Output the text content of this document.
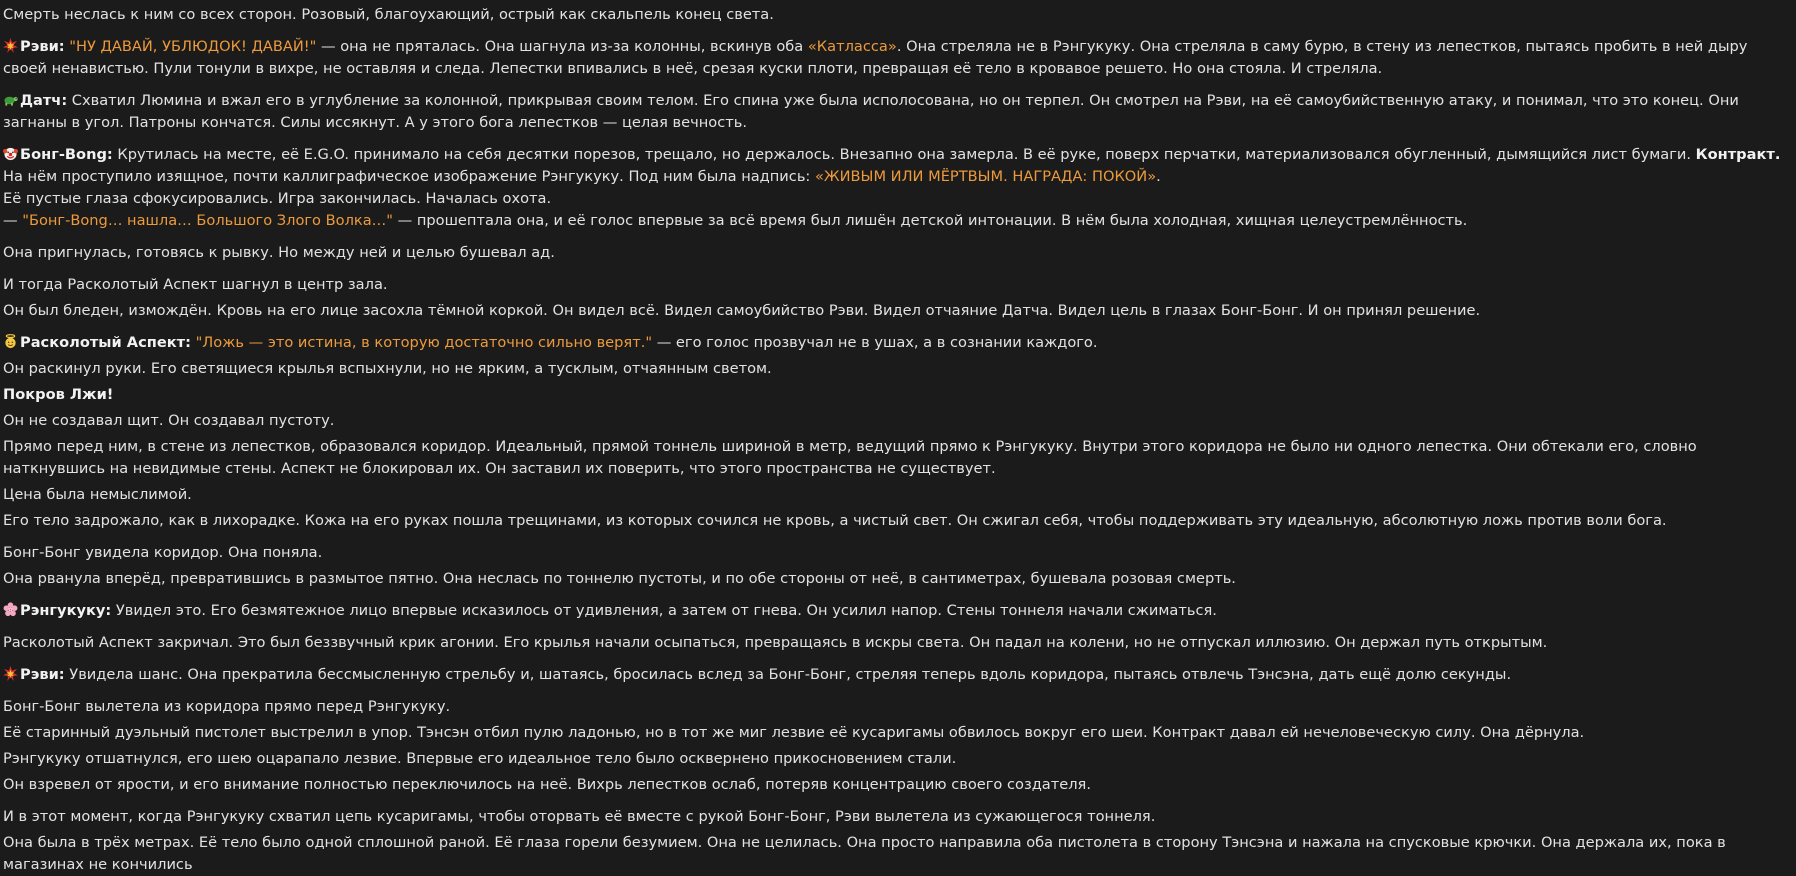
Смерть неслась к ним со всех сторон. Розовый, благоухающий, острый как скальпель конец света.

Рэви: "НУ ДАВАЙ, УБЛЮДОК! ДАВАЙ!" — она не пряталась. Она шагнула из-за колонны, вскинув оба «Катласса». Она стреляла не в Рэнгукуку. Она стреляла в саму бурю, в стену из лепестков, пытаясь пробить в ней дыру своей ненавистью. Пули тонули в вихре, не оставляя и следа. Лепестки впивались в неё, срезая куски плоти, превращая её тело в кровавое решето. Но она стояла. И стреляла.

Датч: Схватил Люмина и вжал его в углубление за колонной, прикрывая своим телом. Его спина уже была исполосована, но он терпел. Он смотрел на Рэви, на её самоубийственную атаку, и понимал, что это конец. Они загнаны в угол. Патроны кончатся. Силы иссякнут. А у этого бога лепестков — целая вечность.

Бонг-Bong: Крутилась на месте, её E.G.O. принимало на себя десятки порезов, трещало, но держалось. Внезапно она замерла. В её руке, поверх перчатки, материализовался обугленный, дымящийся лист бумаги. Контракт. На нём проступило изящное, почти каллиграфическое изображение Рэнгукуку. Под ним была надпись: «ЖИВЫМ ИЛИ МЁРТВЫМ. НАГРАДА: ПОКОЙ».

Её пустые глаза сфокусировались. Игра закончилась. Началась охота.

— "Бонг-Bong… нашла… Большого Злого Волка…" — прошептала она, и её голос впервые за всё время был лишён детской интонации. В нём была холодная, хищная целеустремлённость.

Она пригнулась, готовясь к рывку. Но между ней и целью бушевал ад.

И тогда Расколотый Аспект шагнул в центр зала.

Он был бледен, измождён. Кровь на его лице засохла тёмной коркой. Он видел всё. Видел самоубийство Рэви. Видел отчаяние Датча. Видел цель в глазах Бонг-Бонг. И он принял решение.

Расколотый Аспект: "Ложь — это истина, в которую достаточно сильно верят." — его голос прозвучал не в ушах, а в сознании каждого.

Он раскинул руки. Его светящиеся крылья вспыхнули, но не ярким, а тусклым, отчаянным светом.

Покров Лжи!

Он не создавал щит. Он создавал пустоту.

Прямо перед ним, в стене из лепестков, образовался коридор. Идеальный, прямой тоннель шириной в метр, ведущий прямо к Рэнгукуку. Внутри этого коридора не было ни одного лепестка. Они обтекали его, словно наткнувшись на невидимые стены. Аспект не блокировал их. Он заставил их поверить, что этого пространства не существует.

Цена была немыслимой.

Его тело задрожало, как в лихорадке. Кожа на его руках пошла трещинами, из которых сочился не кровь, а чистый свет. Он сжигал себя, чтобы поддерживать эту идеальную, абсолютную ложь против воли бога.

Бонг-Бонг увидела коридор. Она поняла.

Она рванула вперёд, превратившись в размытое пятно. Она неслась по тоннелю пустоты, и по обе стороны от неё, в сантиметрах, бушевала розовая смерть.

Рэнгукуку: Увидел это. Его безмятежное лицо впервые исказилось от удивления, а затем от гнева. Он усилил напор. Стены тоннеля начали сжиматься.

Расколотый Аспект закричал. Это был беззвучный крик агонии. Его крылья начали осыпаться, превращаясь в искры света. Он падал на колени, но не отпускал иллюзию. Он держал путь открытым.

Рэви: Увидела шанс. Она прекратила бессмысленную стрельбу и, шатаясь, бросилась вслед за Бонг-Бонг, стреляя теперь вдоль коридора, пытаясь отвлечь Тэнсэна, дать ещё долю секунды.

Бонг-Бонг вылетела из коридора прямо перед Рэнгукуку.

Её старинный дуэльный пистолет выстрелил в упор. Тэнсэн отбил пулю ладонью, но в тот же миг лезвие её кусаригамы обвилось вокруг его шеи. Контракт давал ей нечеловеческую силу. Она дёрнула.

Рэнгукуку отшатнулся, его шею оцарапало лезвие. Впервые его идеальное тело было осквернено прикосновением стали.

Он взревел от ярости, и его внимание полностью переключилось на неё. Вихрь лепестков ослаб, потеряв концентрацию своего создателя.

И в этот момент, когда Рэнгукуку схватил цепь кусаригамы, чтобы оторвать её вместе с рукой Бонг-Бонг, Рэви вылетела из сужающегося тоннеля.

Она была в трёх метрах. Её тело было одной сплошной раной. Её глаза горели безумием. Она не целилась. Она просто направила оба пистолета в сторону Тэнсэна и нажала на спусковые крючки. Она держала их, пока в магазинах не кончились
